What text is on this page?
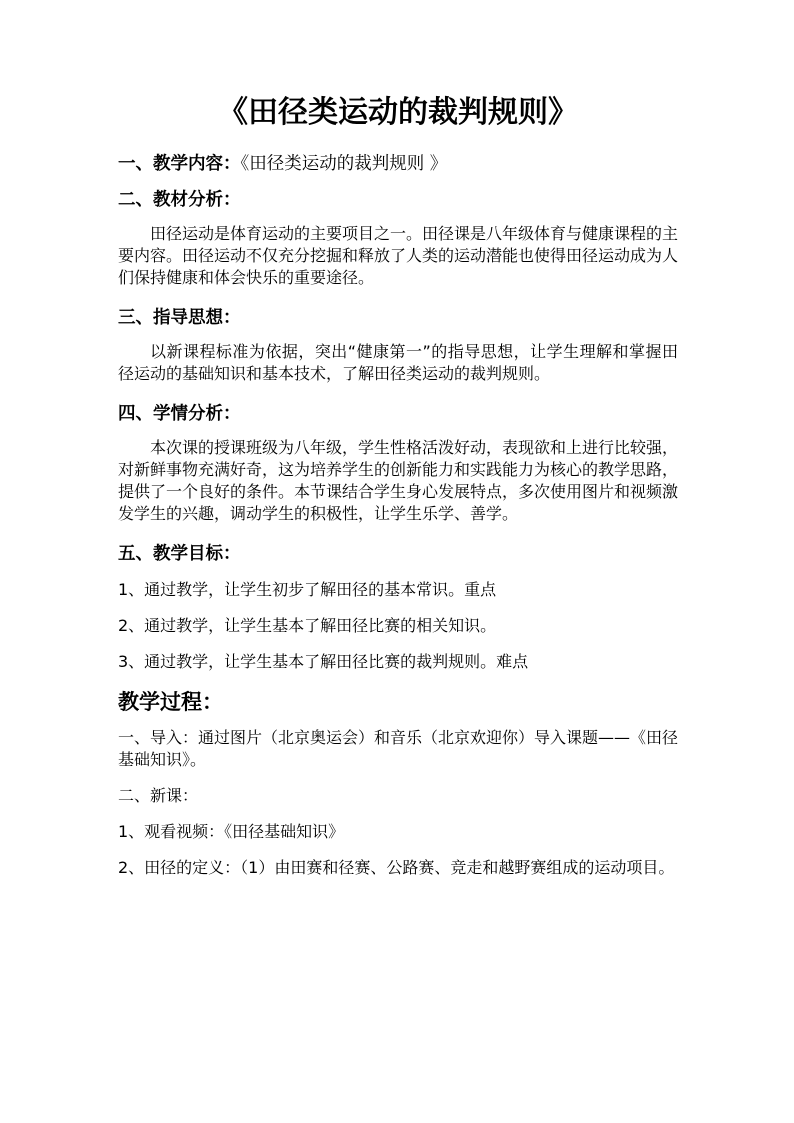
《田径类运动的裁判规则》
一、教学内容：《田径类运动的裁判规则 》
二、教材分析：

田径运动是体育运动的主要项目之一。田径课是八年级体育与健康课程的主要内容。田径运动不仅充分挖掘和释放了人类的运动潜能也使得田径运动成为人们保持健康和体会快乐的重要途径。

三、指导思想：

以新课程标准为依据，突出“健康第一”的指导思想，让学生理解和掌握田径运动的基础知识和基本技术，了解田径类运动的裁判规则。

四、学情分析：

本次课的授课班级为八年级，学生性格活泼好动，表现欲和上进行比较强，对新鲜事物充满好奇，这为培养学生的创新能力和实践能力为核心的教学思路，提供了一个良好的条件。本节课结合学生身心发展特点，多次使用图片和视频激发学生的兴趣，调动学生的积极性，让学生乐学、善学。

五、教学目标：
1、通过教学，让学生初步了解田径的基本常识。重点
2、通过教学，让学生基本了解田径比赛的相关知识。
3、通过教学，让学生基本了解田径比赛的裁判规则。难点
教学过程：
一、导入：通过图片（北京奥运会）和音乐（北京欢迎你）导入课题——《田径基础知识》。
二、新课：
1、观看视频：《田径基础知识》
2、田径的定义：（1）由田赛和径赛、公路赛、竞走和越野赛组成的运动项目。
